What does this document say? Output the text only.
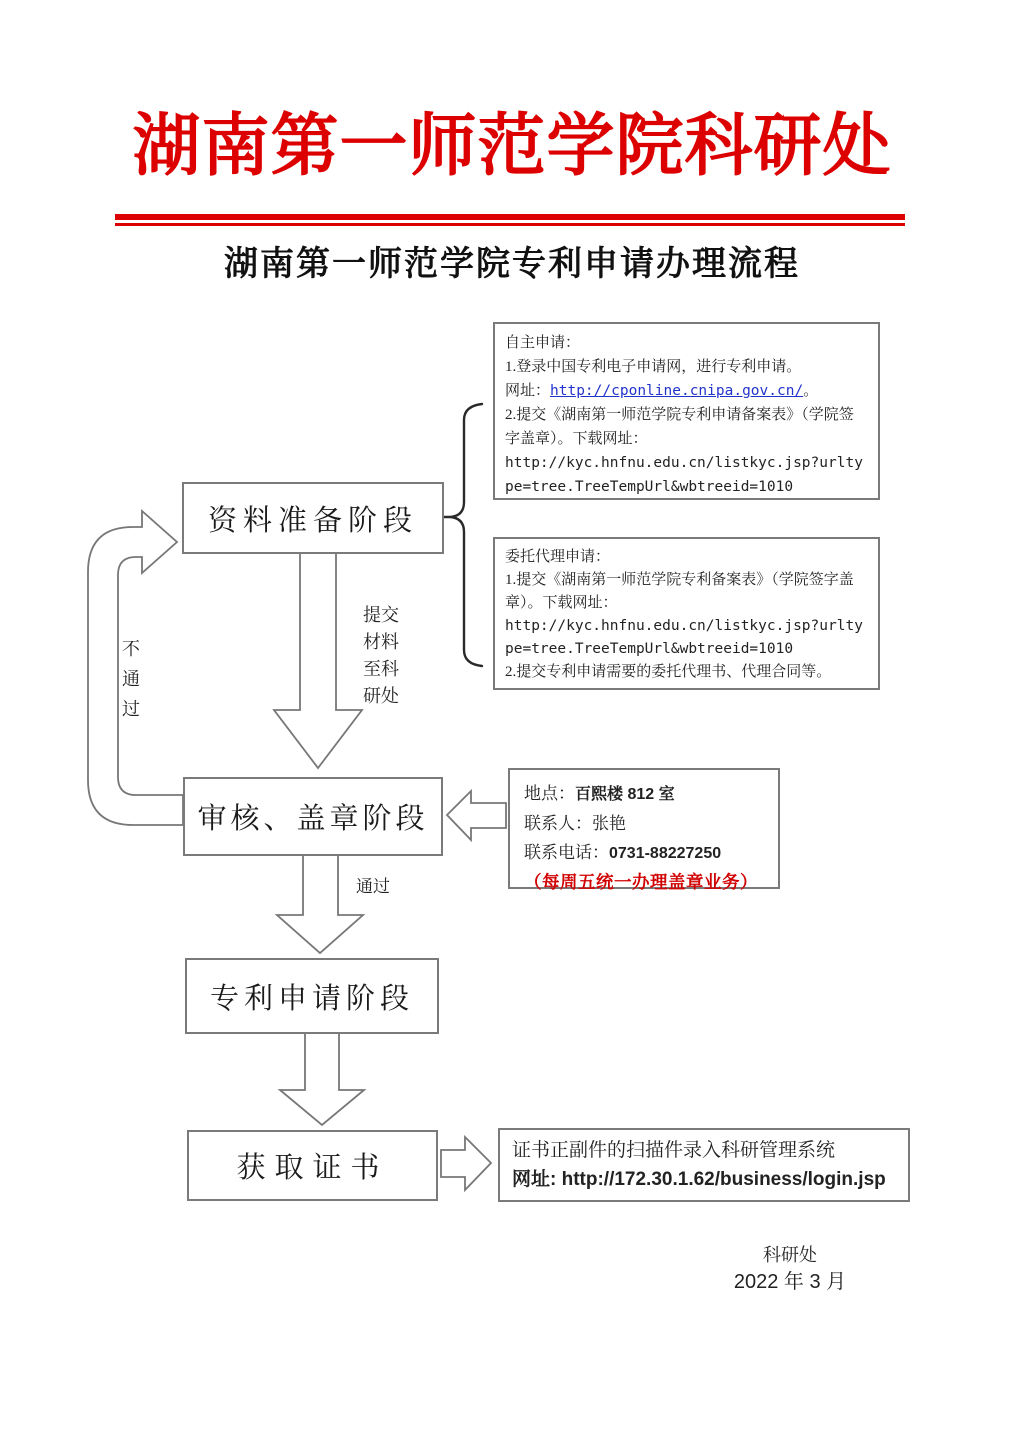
湖南第一师范学院科研处
湖南第一师范学院专利申请办理流程
资料准备阶段
审核、盖章阶段
专利申请阶段
获取证书
自主申请：
1.登录中国专利电子申请网，进行专利申请。
网址：http://cponline.cnipa.gov.cn/。
2.提交《湖南第一师范学院专利申请备案表》（学院签字盖章）。下载网址：
http://kyc.hnfnu.edu.cn/listkyc.jsp?urltype=tree.TreeTempUrl&wbtreeid=1010
委托代理申请：
1.提交《湖南第一师范学院专利备案表》（学院签字盖章）。下载网址：
http://kyc.hnfnu.edu.cn/listkyc.jsp?urltype=tree.TreeTempUrl&wbtreeid=1010
2.提交专利申请需要的委托代理书、代理合同等。
地点：百熙楼 812 室
联系人：张艳
联系电话：0731-88227250
（每周五统一办理盖章业务）
证书正副件的扫描件录入科研管理系统
网址: http://172.30.1.62/business/login.jsp
提交
材料
至科
研处
不
通
过
通过
科研处
2022 年 3 月
